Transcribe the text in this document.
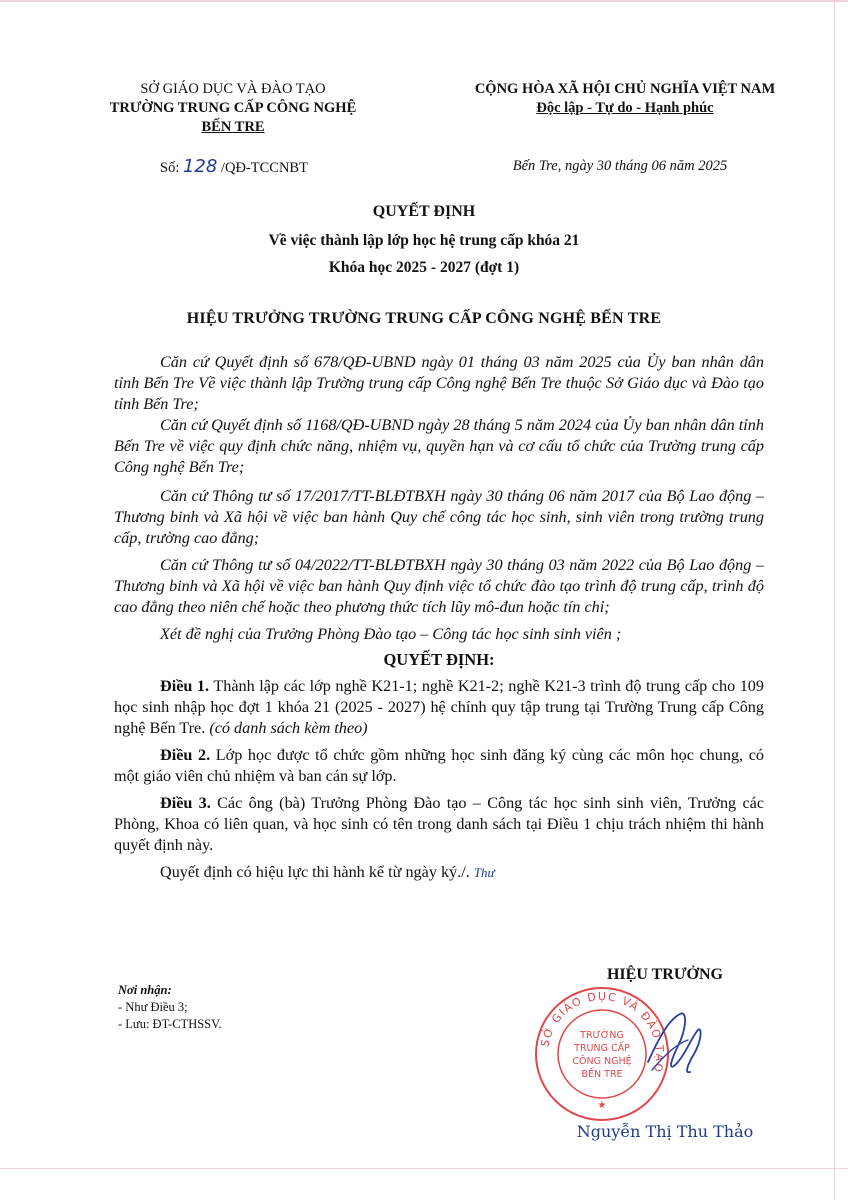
SỞ GIÁO DỤC VÀ ĐÀO TẠO
TRƯỜNG TRUNG CẤP CÔNG NGHỆ
BẾN TRE
CỘNG HÒA XÃ HỘI CHỦ NGHĨA VIỆT NAM
Độc lập - Tự do - Hạnh phúc
Số: 128 /QĐ-TCCNBT	Bến Tre, ngày 30 tháng 06 năm 2025
QUYẾT ĐỊNH
Về việc thành lập lớp học hệ trung cấp khóa 21
Khóa học 2025 - 2027 (đợt 1)
HIỆU TRƯỞNG TRƯỜNG TRUNG CẤP CÔNG NGHỆ BẾN TRE

Căn cứ Quyết định số 678/QĐ-UBND ngày 01 tháng 03 năm 2025 của Ủy ban nhân dân tỉnh Bến Tre Về việc thành lập Trường trung cấp Công nghệ Bến Tre thuộc Sở Giáo dục và Đào tạo tỉnh Bến Tre;

Căn cứ Quyết định số 1168/QĐ-UBND ngày 28 tháng 5 năm 2024 của Ủy ban nhân dân tỉnh Bến Tre về việc quy định chức năng, nhiệm vụ, quyền hạn và cơ cấu tổ chức của Trường trung cấp Công nghệ Bến Tre;

Căn cứ Thông tư số 17/2017/TT-BLĐTBXH ngày 30 tháng 06 năm 2017 của Bộ Lao động – Thương binh và Xã hội về việc ban hành Quy chế công tác học sinh, sinh viên trong trường trung cấp, trường cao đẳng;

Căn cứ Thông tư số 04/2022/TT-BLĐTBXH ngày 30 tháng 03 năm 2022 của Bộ Lao động – Thương binh và Xã hội về việc ban hành Quy định việc tổ chức đào tạo trình độ trung cấp, trình độ cao đẳng theo niên chế hoặc theo phương thức tích lũy mô-đun hoặc tín chỉ;

Xét đề nghị của Trưởng Phòng Đào tạo – Công tác học sinh sinh viên ;

QUYẾT ĐỊNH:

Điều 1. Thành lập các lớp nghề K21-1; nghề K21-2; nghề K21-3 trình độ trung cấp cho 109 học sinh nhập học đợt 1 khóa 21 (2025 - 2027) hệ chính quy tập trung tại Trường Trung cấp Công nghệ Bến Tre. (có danh sách kèm theo)

Điều 2. Lớp học được tổ chức gồm những học sinh đăng ký cùng các môn học chung, có một giáo viên chủ nhiệm và ban cán sự lớp.

Điều 3. Các ông (bà) Trưởng Phòng Đào tạo – Công tác học sinh sinh viên, Trưởng các Phòng, Khoa có liên quan, và học sinh có tên trong danh sách tại Điều 1 chịu trách nhiệm thi hành quyết định này.

Quyết định có hiệu lực thi hành kể từ ngày ký./. Thư

Nơi nhận:
- Như Điều 3;
- Lưu: ĐT-CTHSSV.
HIỆU TRƯỞNG
SỞ GIÁO DỤC VÀ ĐÀO TẠO
TRƯỜNG
TRUNG CẤP
CÔNG NGHỆ
BẾN TRE
★
Nguyễn Thị Thu Thảo
